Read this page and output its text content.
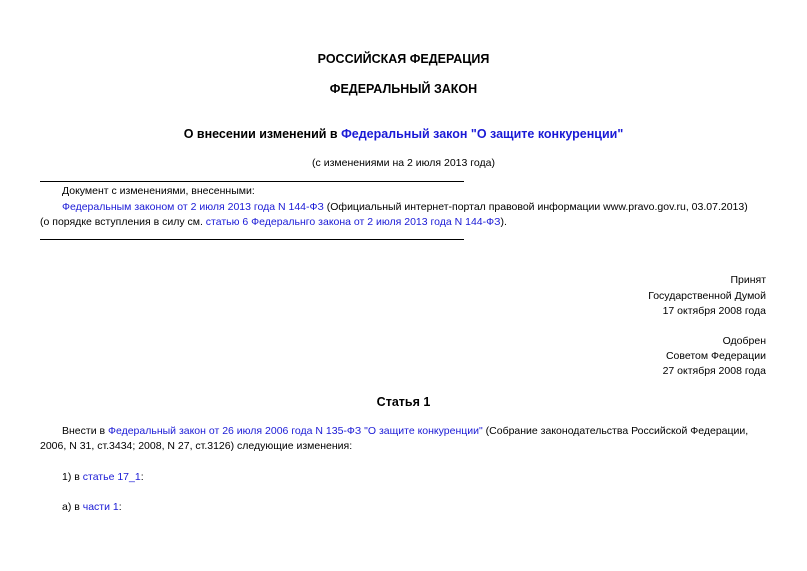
РОССИЙСКАЯ ФЕДЕРАЦИЯ
ФЕДЕРАЛЬНЫЙ ЗАКОН
О внесении изменений в Федеральный закон "О защите конкуренции"
(с изменениями на 2 июля 2013 года)
Документ с изменениями, внесенными:
Федеральным законом от 2 июля 2013 года N 144-ФЗ (Официальный интернет-портал правовой информации www.pravo.gov.ru, 03.07.2013)
(о порядке вступления в силу см. статью 6 Федеральнго закона от 2 июля 2013 года N 144-ФЗ).
Принят
Государственной Думой
17 октября 2008 года
Одобрен
Советом Федерации
27 октября 2008 года
Статья 1
Внести в Федеральный закон от 26 июля 2006 года N 135-ФЗ "О защите конкуренции" (Собрание законодательства Российской Федерации,
2006, N 31, ст.3434; 2008, N 27, ст.3126) следующие изменения:
1) в статье 17_1:
а) в части 1:
